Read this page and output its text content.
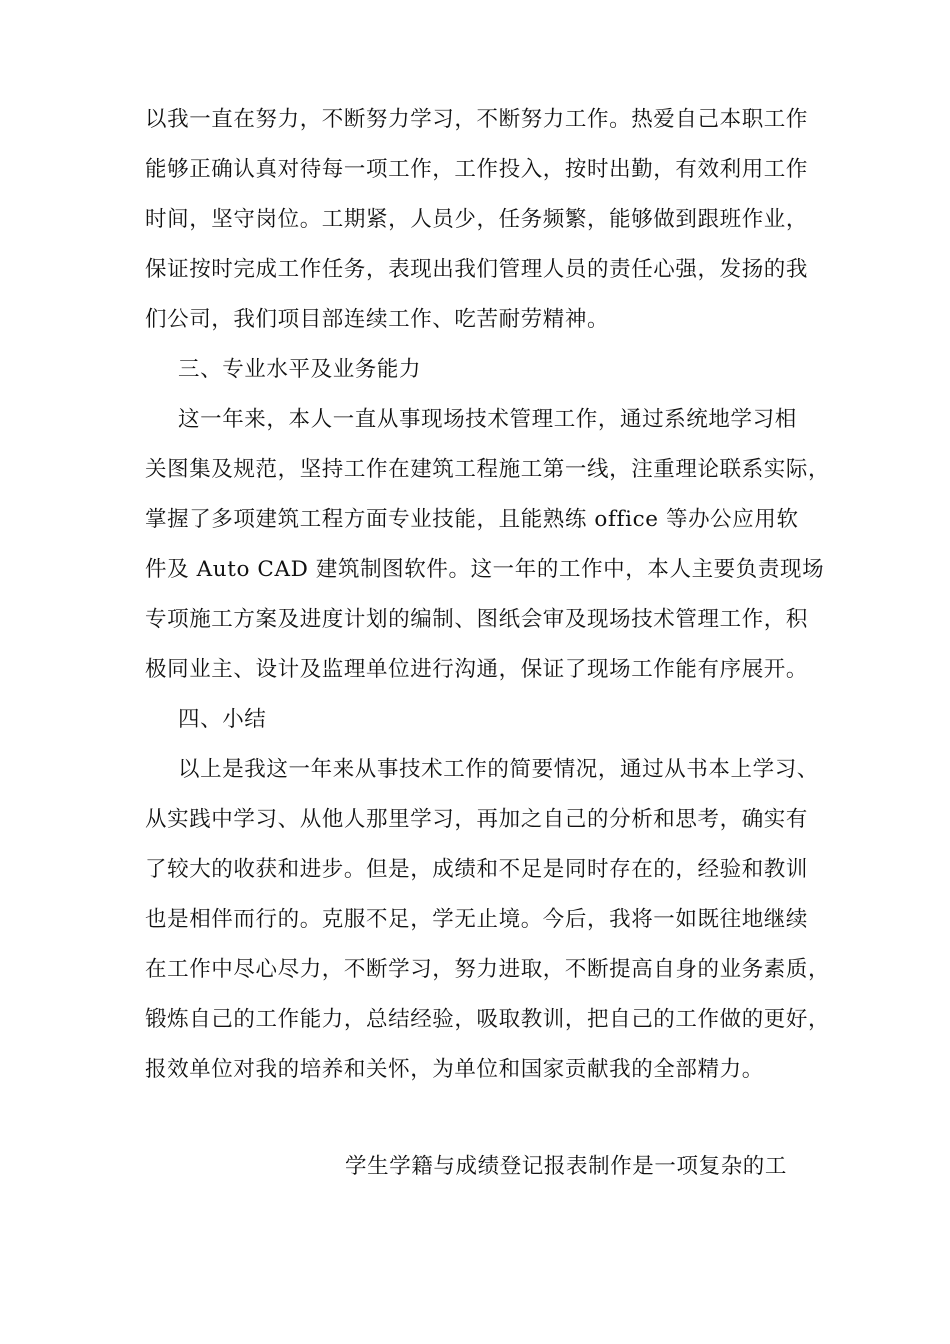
以我一直在努力，不断努力学习，不断努力工作。热爱自己本职工作
能够正确认真对待每一项工作，工作投入，按时出勤，有效利用工作
时间，坚守岗位。工期紧，人员少，任务频繁，能够做到跟班作业，
保证按时完成工作任务，表现出我们管理人员的责任心强，发扬的我
们公司，我们项目部连续工作、吃苦耐劳精神。
三、专业水平及业务能力
这一年来，本人一直从事现场技术管理工作，通过系统地学习相
关图集及规范，坚持工作在建筑工程施工第一线，注重理论联系实际，
掌握了多项建筑工程方面专业技能，且能熟练 office 等办公应用软
件及 Auto CAD 建筑制图软件。这一年的工作中，本人主要负责现场
专项施工方案及进度计划的编制、图纸会审及现场技术管理工作，积
极同业主、设计及监理单位进行沟通，保证了现场工作能有序展开。
四、小结
以上是我这一年来从事技术工作的简要情况，通过从书本上学习、
从实践中学习、从他人那里学习，再加之自己的分析和思考，确实有
了较大的收获和进步。但是，成绩和不足是同时存在的，经验和教训
也是相伴而行的。克服不足，学无止境。今后，我将一如既往地继续
在工作中尽心尽力，不断学习，努力进取，不断提高自身的业务素质，
锻炼自己的工作能力，总结经验，吸取教训，把自己的工作做的更好，
报效单位对我的培养和关怀，为单位和国家贡献我的全部精力。
学生学籍与成绩登记报表制作是一项复杂的工
